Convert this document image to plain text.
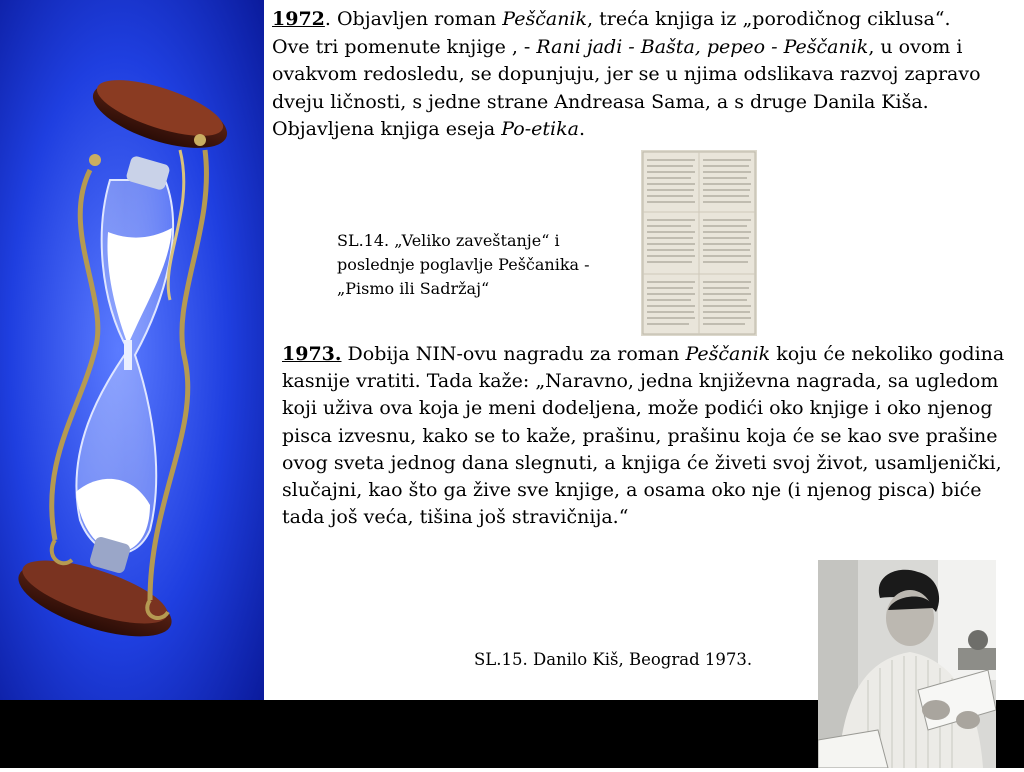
1972. Objavljen roman Peščanik, treća knjiga iz „porodičnog ciklusa“.

Ove tri pomenute knjige , - Rani jadi - Bašta, pepeo - Peščanik, u ovom i ovakvom redosledu, se dopunjuju, jer se u njima odslikava razvoj zapravo dveju ličnosti, s jedne strane Andreasa Sama, a s druge Danila Kiša.

Objavljena knjiga eseja Po-etika.

SL.14. „Veliko zaveštanje“ i poslednje poglavlje Peščanika - „Pismo ili Sadržaj“
1973. Dobija NIN-ovu nagradu za roman Peščanik koju će nekoliko godina kasnije vratiti. Tada kaže: „Naravno, jedna književna nagrada, sa ugledom koji uživa ova koja je meni dodeljena, može podići oko knjige i oko njenog pisca izvesnu, kako se to kaže, prašinu, prašinu koja će se kao sve prašine ovog sveta jednog dana slegnuti, a knjiga će živeti svoj život, usamljenički, slučajni, kao što ga žive sve knjige, a osama oko nje (i njenog pisca) biće tada još veća, tišina još stravičnija.“
SL.15. Danilo Kiš, Beograd 1973.
